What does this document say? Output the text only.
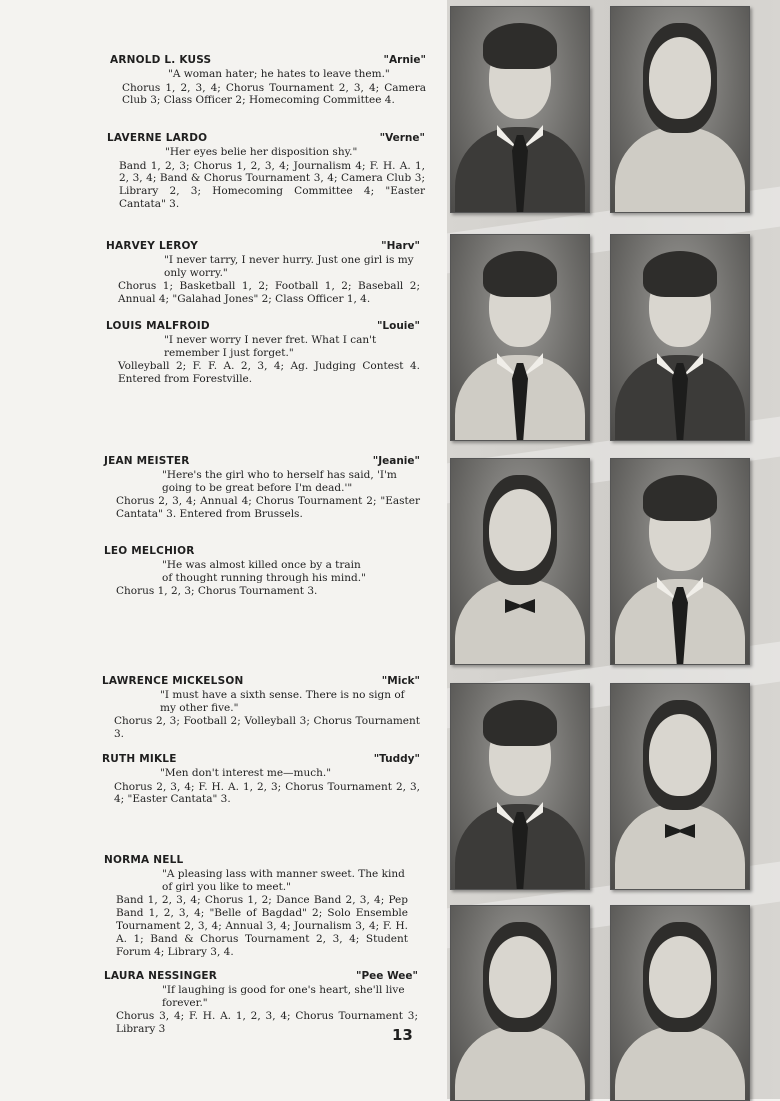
ARNOLD L. KUSS	"Arnie"
"A woman hater; he hates to leave them."
Chorus 1, 2, 3, 4; Chorus Tournament 2, 3, 4; Camera Club 3; Class Officer 2; Homecoming Committee 4.
LAVERNE LARDO	"Verne"
"Her eyes belie her disposition shy."
Band 1, 2, 3; Chorus 1, 2, 3, 4; Journalism 4; F. H. A. 1, 2, 3, 4; Band & Chorus Tournament 3, 4; Camera Club 3; Library 2, 3; Homecoming Committee 4; "Easter Cantata" 3.
HARVEY LEROY	"Harv"
"I never tarry, I never hurry. Just one girl is my only worry."
Chorus 1; Basketball 1, 2; Football 1, 2; Baseball 2; Annual 4; "Galahad Jones" 2; Class Officer 1, 4.
LOUIS MALFROID	"Louie"
"I never worry I never fret. What I can't remember I just forget."
Volleyball 2; F. F. A. 2, 3, 4; Ag. Judging Contest 4. Entered from Forestville.
JEAN MEISTER	"Jeanie"
"Here's the girl who to herself has said, 'I'm going to be great before I'm dead.'"
Chorus 2, 3, 4; Annual 4; Chorus Tournament 2; "Easter Cantata" 3. Entered from Brussels.
LEO MELCHIOR
"He was almost killed once by a train of thought running through his mind."
Chorus 1, 2, 3; Chorus Tournament 3.
LAWRENCE MICKELSON	"Mick"
"I must have a sixth sense. There is no sign of my other five."
Chorus 2, 3; Football 2; Volleyball 3; Chorus Tournament 3.
RUTH MIKLE	"Tuddy"
"Men don't interest me—much."
Chorus 2, 3, 4; F. H. A. 1, 2, 3; Chorus Tournament 2, 3, 4; "Easter Cantata" 3.
NORMA NELL
"A pleasing lass with manner sweet. The kind of girl you like to meet."
Band 1, 2, 3, 4; Chorus 1, 2; Dance Band 2, 3, 4; Pep Band 1, 2, 3, 4; "Belle of Bagdad" 2; Solo Ensemble Tournament 2, 3, 4; Annual 3, 4; Journalism 3, 4; F. H. A. 1; Band & Chorus Tournament 2, 3, 4; Student Forum 4; Library 3, 4.
LAURA NESSINGER	"Pee Wee"
"If laughing is good for one's heart, she'll live forever."
Chorus 3, 4; F. H. A. 1, 2, 3, 4; Chorus Tournament 3; Library 3	13
